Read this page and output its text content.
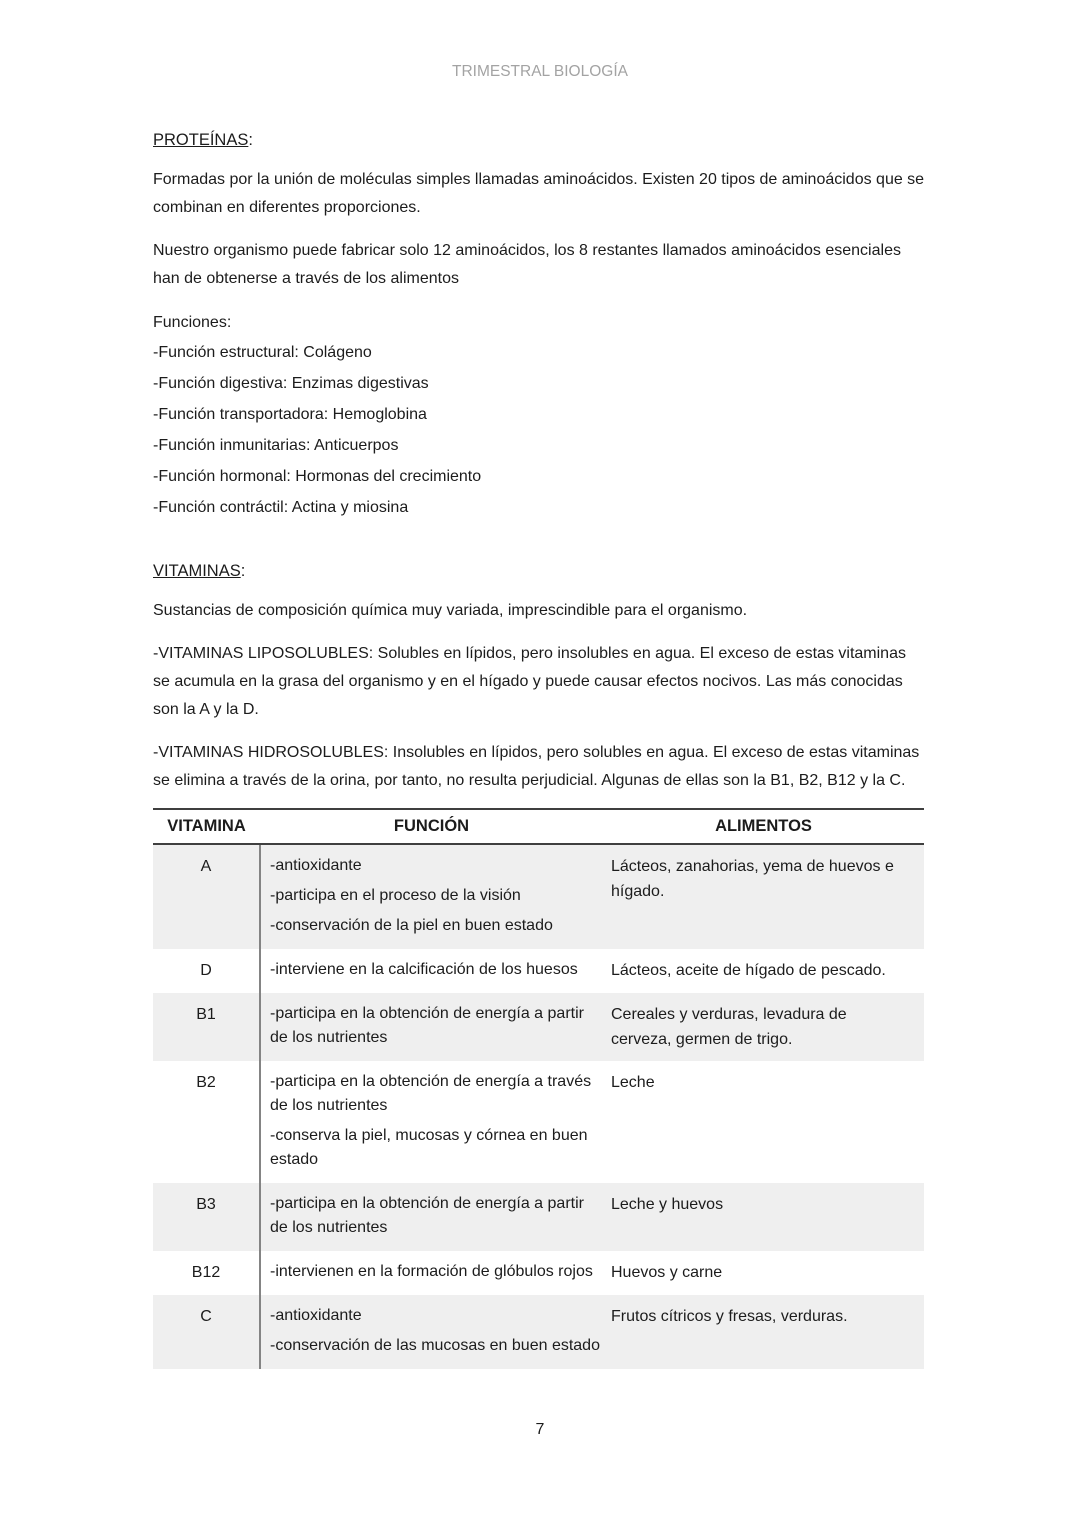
TRIMESTRAL BIOLOGÍA

PROTEÍNAS:

Formadas por la unión de moléculas simples llamadas aminoácidos. Existen 20 tipos de aminoácidos que se combinan en diferentes proporciones.

Nuestro organismo puede fabricar solo 12 aminoácidos, los 8 restantes llamados aminoácidos esenciales han de obtenerse a través de los alimentos

Funciones:

-Función estructural: Colágeno
-Función digestiva: Enzimas digestivas
-Función transportadora: Hemoglobina
-Función inmunitarias: Anticuerpos
-Función hormonal: Hormonas del crecimiento
-Función contráctil: Actina y miosina

VITAMINAS:

Sustancias de composición química muy variada, imprescindible para el organismo.

-VITAMINAS LIPOSOLUBLES: Solubles en lípidos, pero insolubles en agua. El exceso de estas vitaminas se acumula en la grasa del organismo y en el hígado y puede causar efectos nocivos. Las más conocidas son la A y la D.

-VITAMINAS HIDROSOLUBLES: Insolubles en lípidos, pero solubles en agua. El exceso de estas vitaminas se elimina a través de la orina, por tanto, no resulta perjudicial. Algunas de ellas son la B1, B2, B12 y la C.

VITAMINA	FUNCIÓN	ALIMENTOS
A	-antioxidante

-participa en el proceso de la visión

-conservación de la piel en buen estado	Lácteos, zanahorias, yema de huevos e hígado.

D	-interviene en la calcificación de los huesos	Lácteos, aceite de hígado de pescado.

B1	-participa en la obtención de energía a partir de los nutrientes	Cereales y verduras, levadura de cerveza, germen de trigo.

B2	-participa en la obtención de energía a través de los nutrientes

-conserva la piel, mucosas y córnea en buen estado	Leche

B3	-participa en la obtención de energía a partir de los nutrientes	Leche y huevos

B12	-intervienen en la formación de glóbulos rojos	Huevos y carne

C	-antioxidante

-conservación de las mucosas en buen estado	Frutos cítricos y fresas, verduras.

7
